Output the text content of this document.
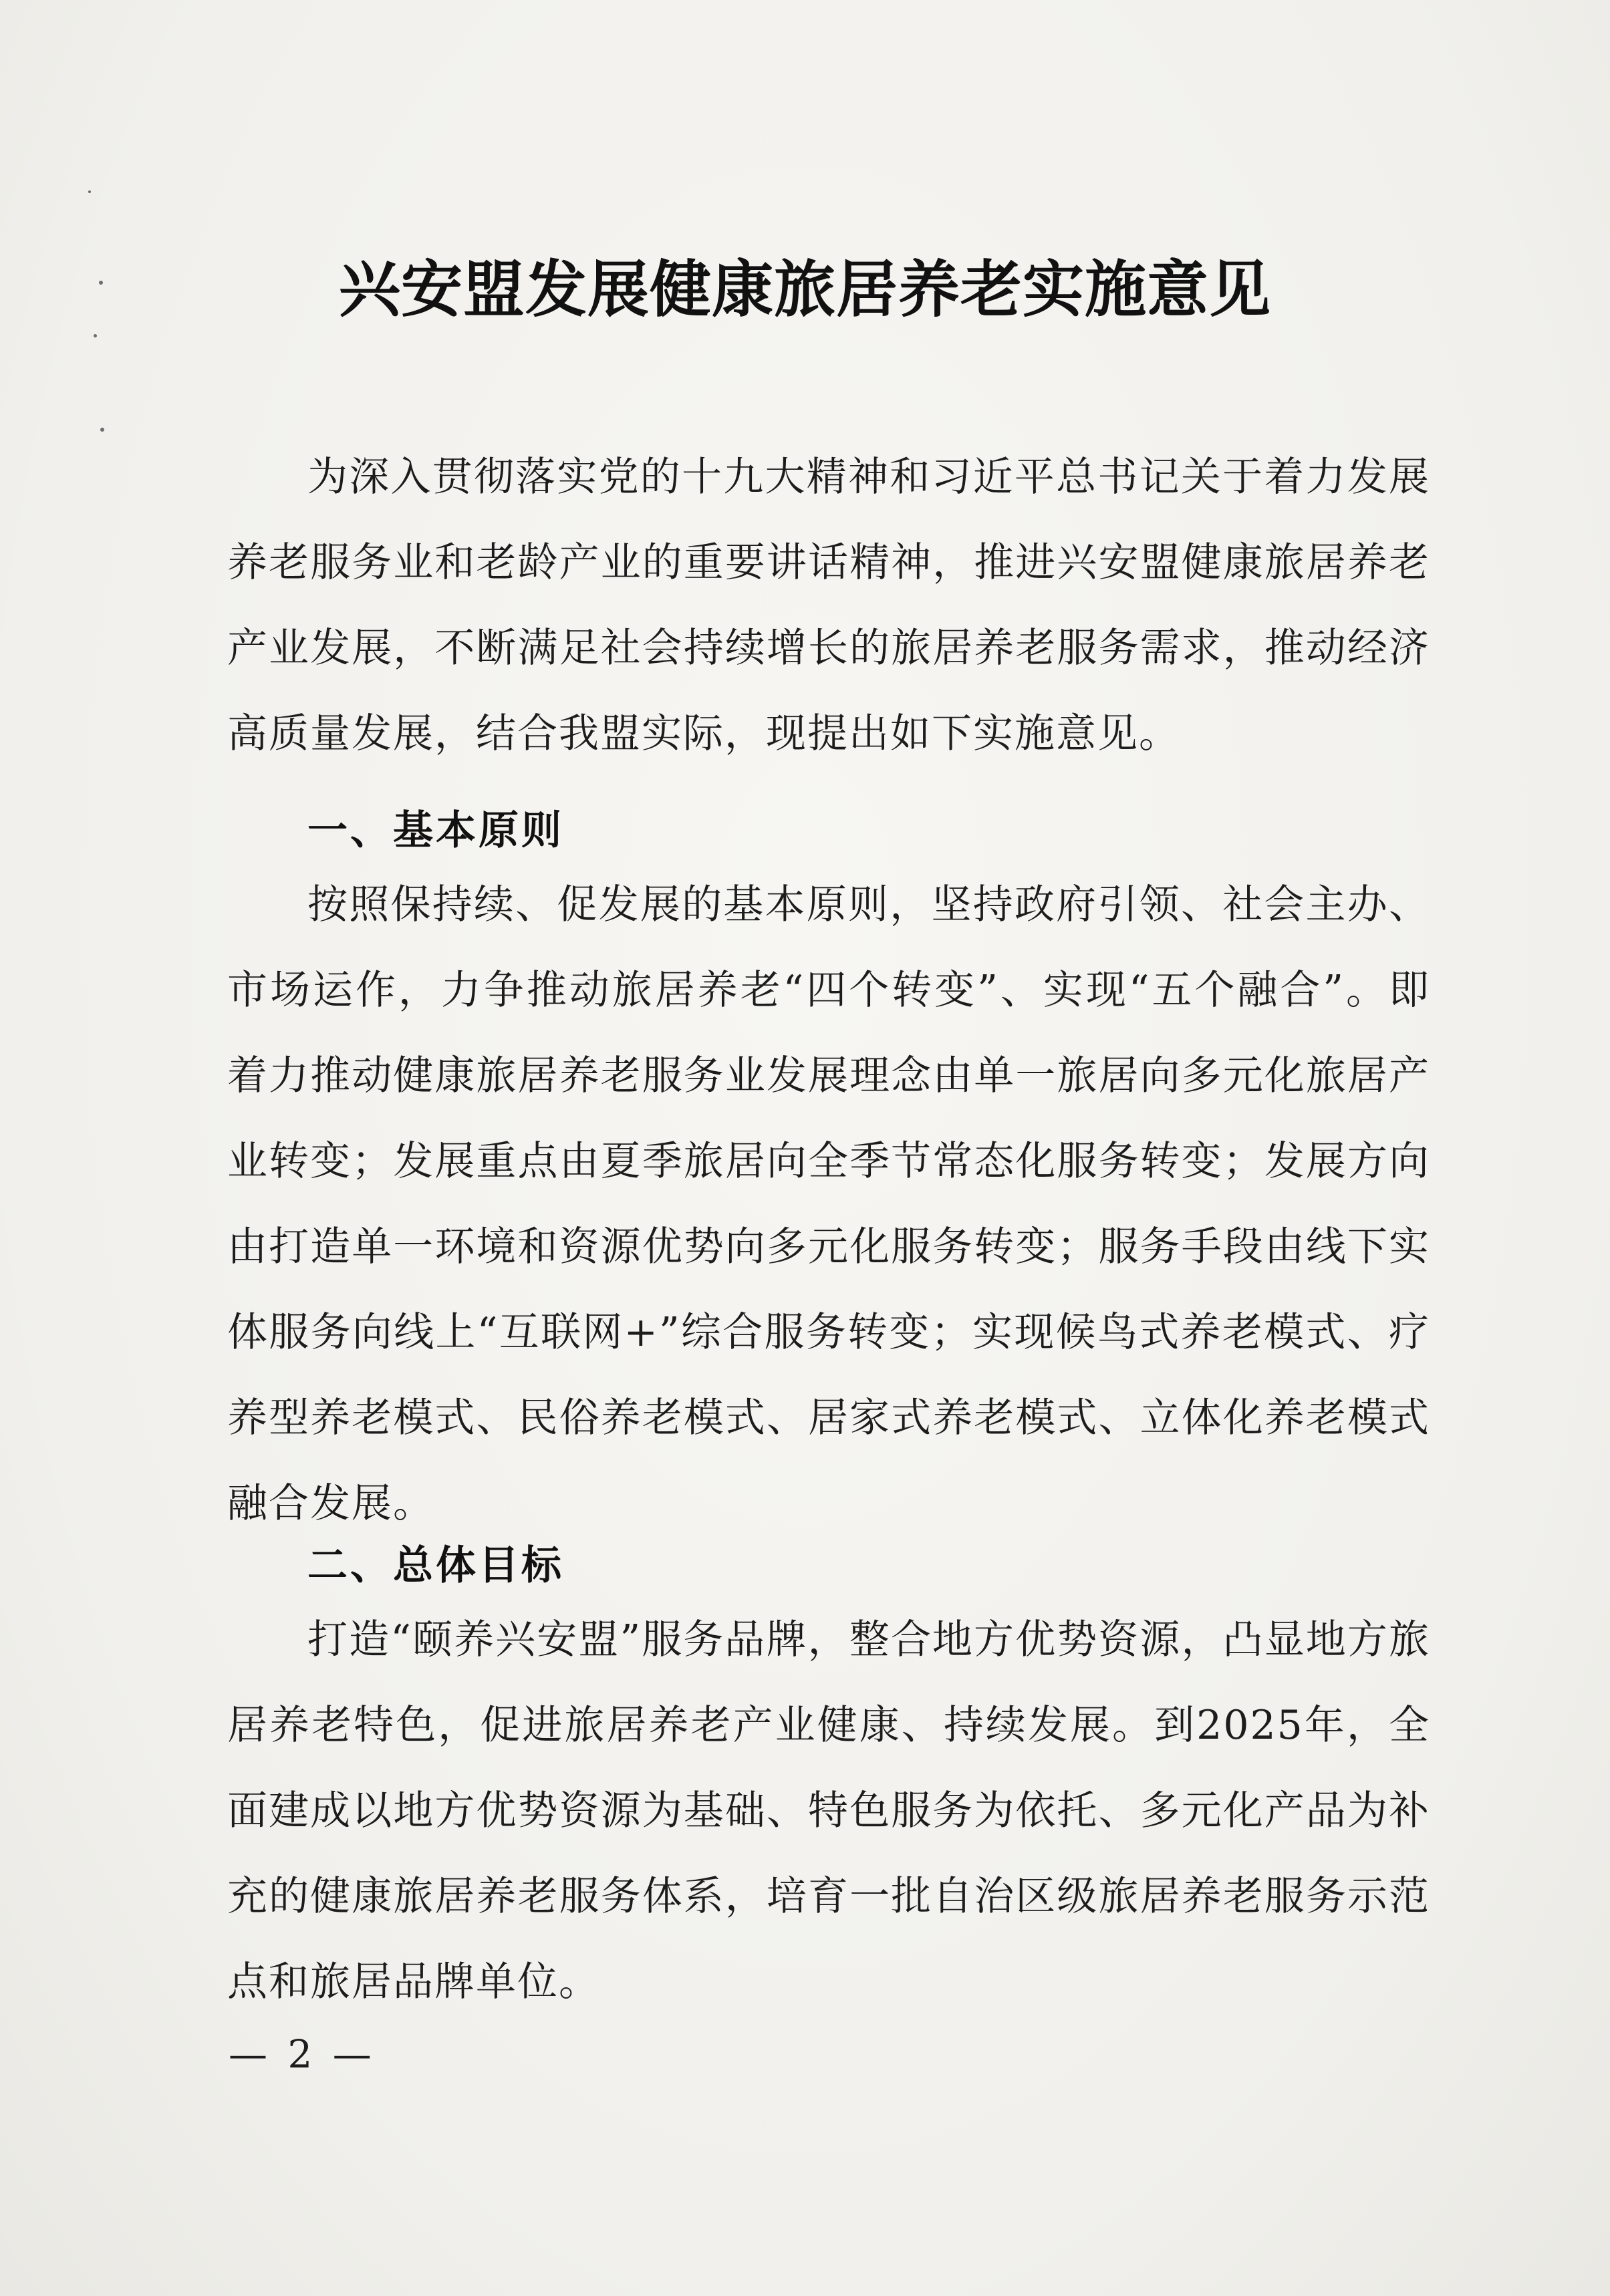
兴安盟发展健康旅居养老实施意见
为深入贯彻落实党的十九大精神和习近平总书记关于着力发展养老服务业和老龄产业的重要讲话精神，推进兴安盟健康旅居养老产业发展，不断满足社会持续增长的旅居养老服务需求，推动经济高质量发展，结合我盟实际，现提出如下实施意见。
一、基本原则
按照保持续、促发展的基本原则，坚持政府引领、社会主办、市场运作，力争推动旅居养老“四个转变”、实现“五个融合”。即着力推动健康旅居养老服务业发展理念由单一旅居向多元化旅居产业转变；发展重点由夏季旅居向全季节常态化服务转变；发展方向由打造单一环境和资源优势向多元化服务转变；服务手段由线下实体服务向线上“互联网+”综合服务转变；实现候鸟式养老模式、疗养型养老模式、民俗养老模式、居家式养老模式、立体化养老模式融合发展。
二、总体目标
打造“颐养兴安盟”服务品牌，整合地方优势资源，凸显地方旅居养老特色，促进旅居养老产业健康、持续发展。到2025年，全面建成以地方优势资源为基础、特色服务为依托、多元化产品为补充的健康旅居养老服务体系，培育一批自治区级旅居养老服务示范点和旅居品牌单位。
— 2 —
